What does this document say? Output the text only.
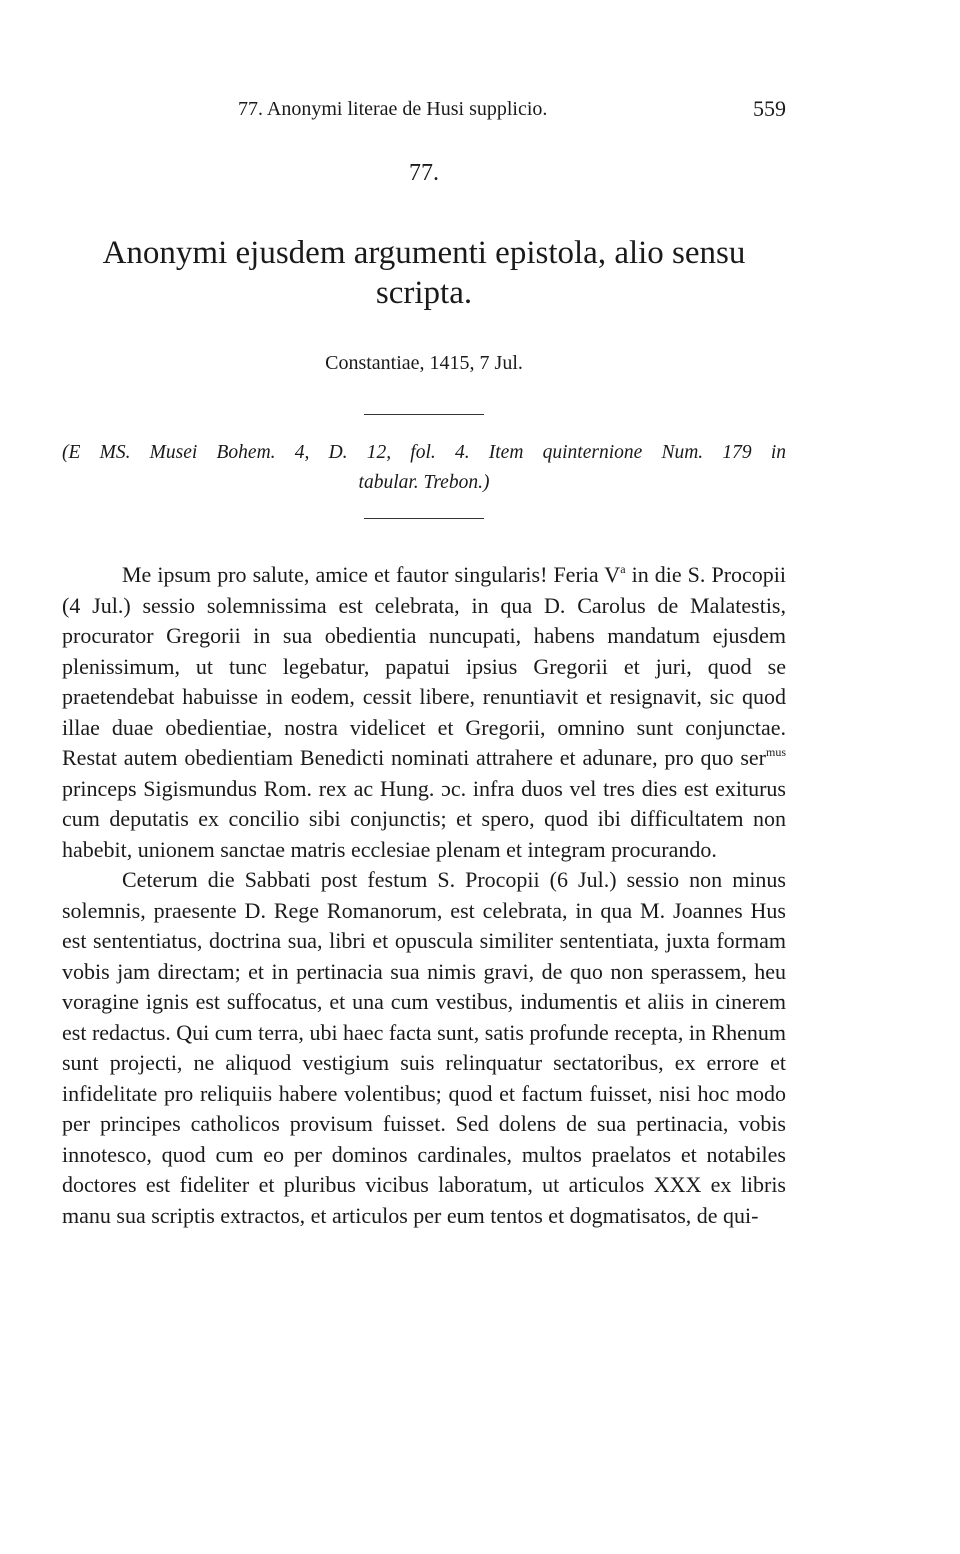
77. Anonymi literae de Husi supplicio.	559
77.
Anonymi ejusdem argumenti epistola, alio sensu scripta.
Constantiae, 1415, 7 Jul.
(E MS. Musei Bohem. 4, D. 12, fol. 4. Item quinternione Num. 179 in
tabular. Trebon.)

Me ipsum pro salute, amice et fautor singularis! Feria $V^a$ in die S. Procopii (4 Jul.) sessio solemnissima est celebrata, in qua D. Carolus de Malatestis, procurator Gregorii in sua obedientia nuncupati, habens mandatum ejusdem plenissimum, ut tunc legebatur, papatui ipsius Gregorii et juri, quod se praetendebat habuisse in eodem, cessit libere, renuntiavit et resignavit, sic quod illae duae obedientiae, nostra videlicet et Gregorii, omnino sunt conjunctae. Restat autem obedientiam Benedicti nominati attrahere et adunare, pro quo ser$^{mus}$ princeps Sigismundus Rom. rex ac Hung. ɔc. infra duos vel tres dies est exiturus cum deputatis ex concilio sibi conjunctis; et spero, quod ibi difficultatem non habebit, unionem sanctae matris ecclesiae plenam et integram procurando.

Ceterum die Sabbati post festum S. Procopii (6 Jul.) sessio non minus solemnis, praesente D. Rege Romanorum, est celebrata, in qua M. Joannes Hus est sententiatus, doctrina sua, libri et opuscula similiter sententiata, juxta formam vobis jam directam; et in pertinacia sua nimis gravi, de quo non sperassem, heu voragine ignis est suffocatus, et una cum vestibus, indumentis et aliis in cinerem est redactus. Qui cum terra, ubi haec facta sunt, satis profunde recepta, in Rhenum sunt projecti, ne aliquod vestigium suis relinquatur sectatoribus, ex errore et infidelitate pro reliquiis habere volentibus; quod et factum fuisset, nisi hoc modo per principes catholicos provisum fuisset. Sed dolens de sua pertinacia, vobis innotesco, quod cum eo per dominos cardinales, multos praelatos et notabiles doctores est fideliter et pluribus vicibus laboratum, ut articulos XXX ex libris manu sua scriptis extractos, et articulos per eum tentos et dogmatisatos, de qui-
